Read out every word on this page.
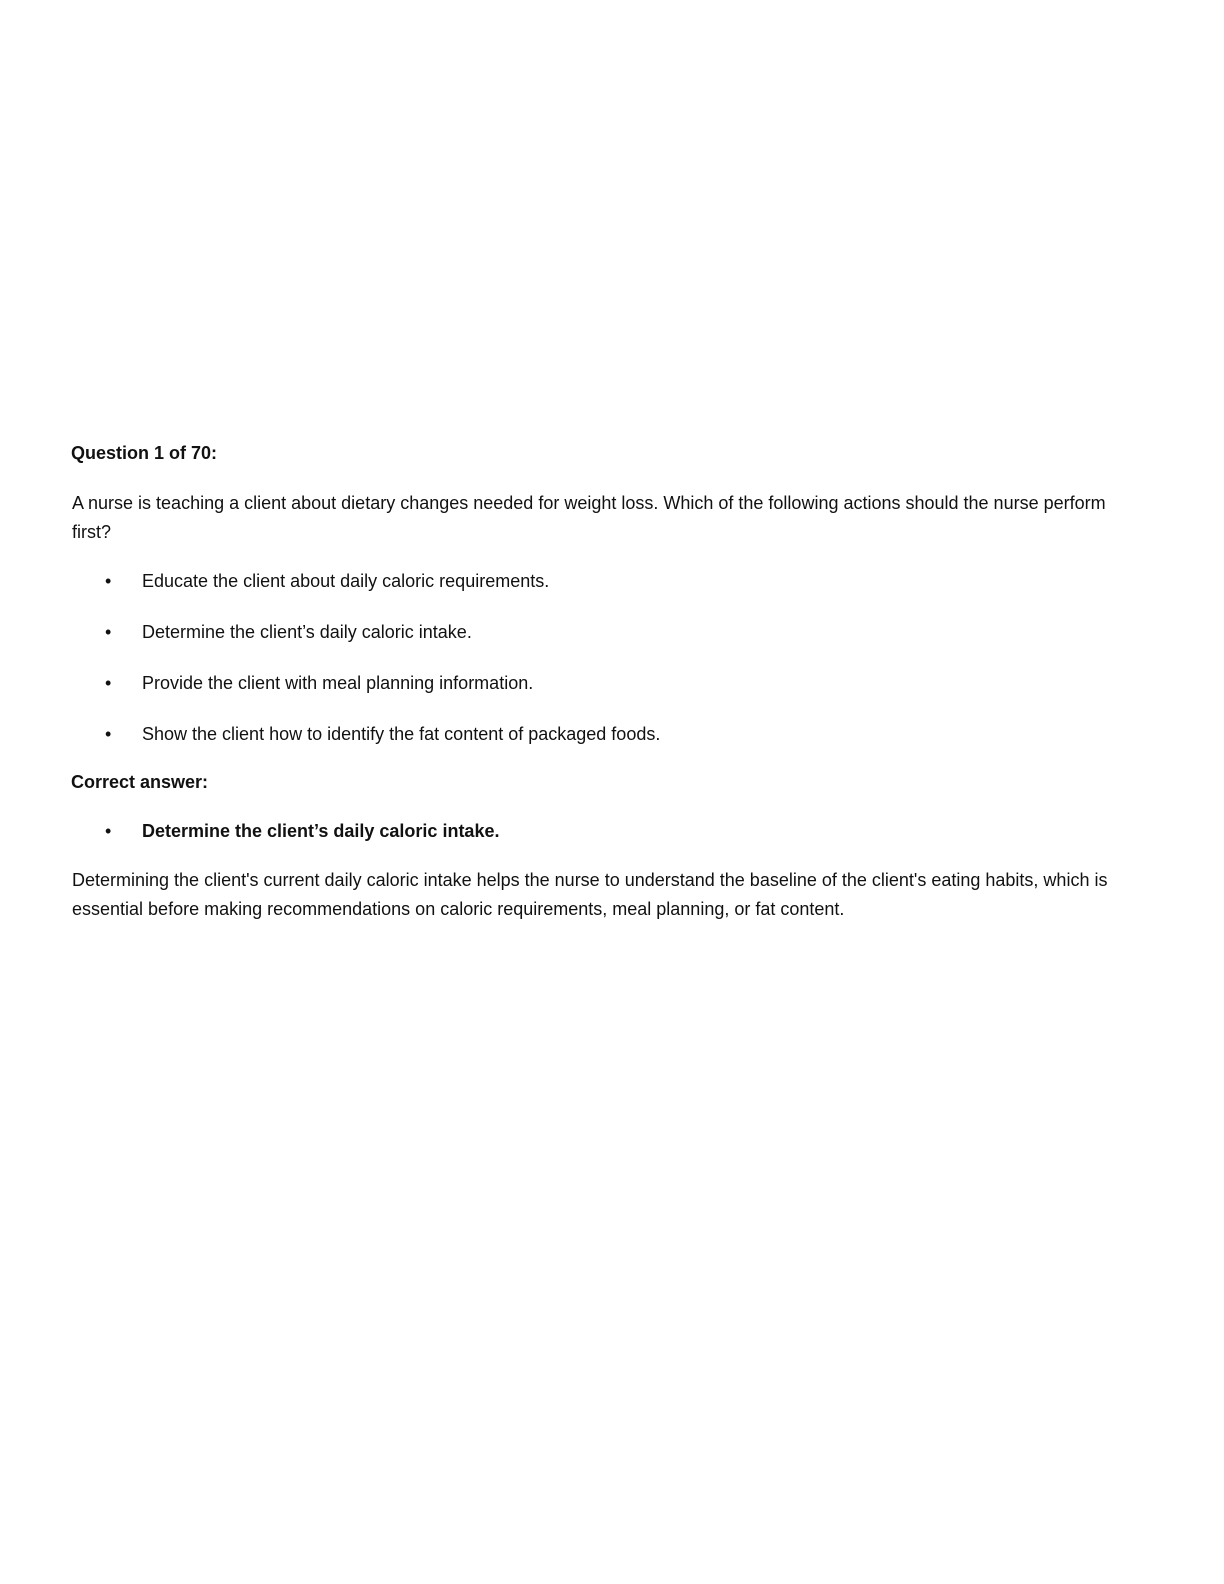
Question 1 of 70:

A nurse is teaching a client about dietary changes needed for weight loss. Which of the following actions should the nurse perform first?

• Educate the client about daily caloric requirements.
• Determine the client’s daily caloric intake.
• Provide the client with meal planning information.
• Show the client how to identify the fat content of packaged foods.

Correct answer:

• Determine the client’s daily caloric intake.

Determining the client's current daily caloric intake helps the nurse to understand the baseline of the client's eating habits, which is essential before making recommendations on caloric requirements, meal planning, or fat content.
